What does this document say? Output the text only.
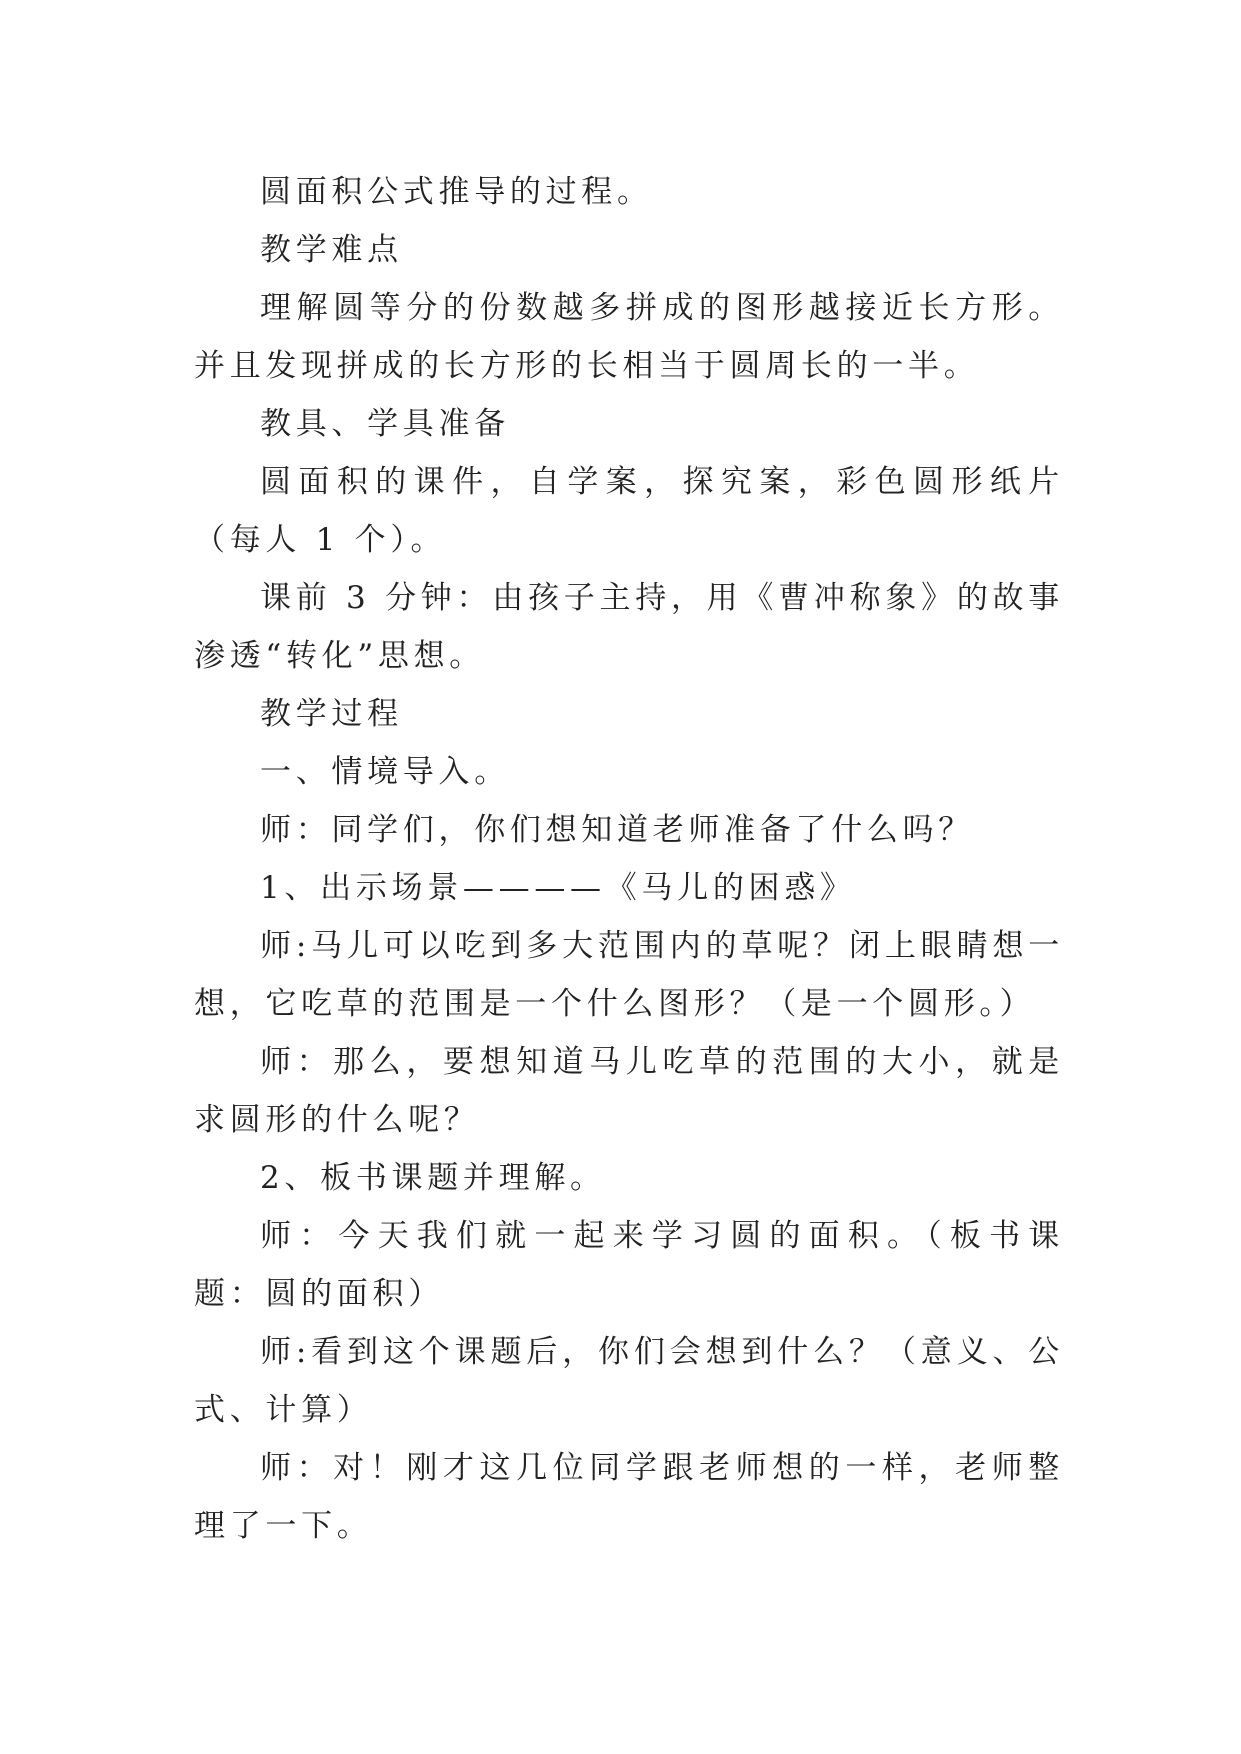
圆面积公式推导的过程。

教学难点

理解圆等分的份数越多拼成的图形越接近长方形。并且发现拼成的长方形的长相当于圆周长的一半。

教具、学具准备

圆面积的课件，自学案，探究案，彩色圆形纸片（每人 1 个）。

课前 3 分钟：由孩子主持，用《曹冲称象》的故事渗透“转化”思想。

教学过程

一、情境导入。

师：同学们，你们想知道老师准备了什么吗？

1、出示场景————《马儿的困惑》

师:马儿可以吃到多大范围内的草呢？闭上眼睛想一想，它吃草的范围是一个什么图形？（是一个圆形。）

师：那么，要想知道马儿吃草的范围的大小，就是求圆形的什么呢？

2、板书课题并理解。

师：今天我们就一起来学习圆的面积。（板书课题：圆的面积）

师:看到这个课题后，你们会想到什么？（意义、公式、计算）

师：对！刚才这几位同学跟老师想的一样，老师整理了一下。
